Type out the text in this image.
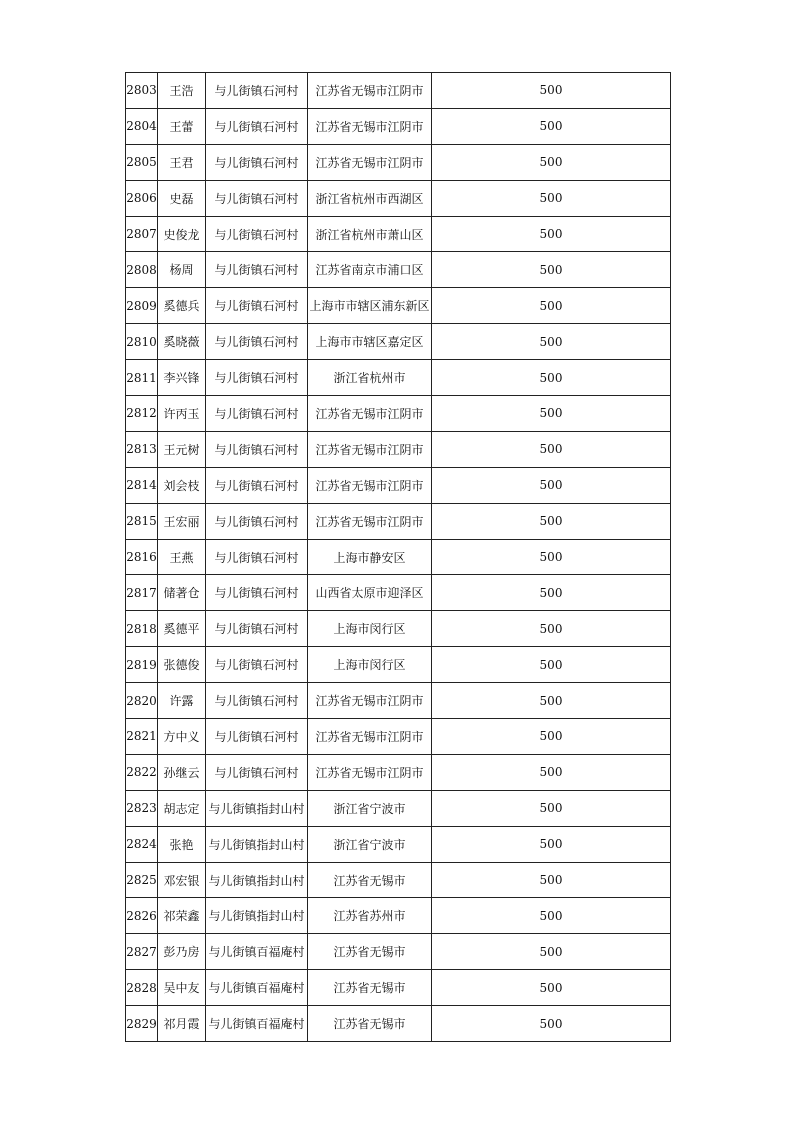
2803	王浩	与儿街镇石河村	江苏省无锡市江阴市	500
2804	王蕾	与儿街镇石河村	江苏省无锡市江阴市	500
2805	王君	与儿街镇石河村	江苏省无锡市江阴市	500
2806	史磊	与儿街镇石河村	浙江省杭州市西湖区	500
2807	史俊龙	与儿街镇石河村	浙江省杭州市萧山区	500
2808	杨周	与儿街镇石河村	江苏省南京市浦口区	500
2809	奚德兵	与儿街镇石河村	上海市市辖区浦东新区	500
2810	奚晓薇	与儿街镇石河村	上海市市辖区嘉定区	500
2811	李兴锋	与儿街镇石河村	浙江省杭州市	500
2812	许丙玉	与儿街镇石河村	江苏省无锡市江阴市	500
2813	王元树	与儿街镇石河村	江苏省无锡市江阴市	500
2814	刘会枝	与儿街镇石河村	江苏省无锡市江阴市	500
2815	王宏丽	与儿街镇石河村	江苏省无锡市江阴市	500
2816	王燕	与儿街镇石河村	上海市静安区	500
2817	储著仓	与儿街镇石河村	山西省太原市迎泽区	500
2818	奚德平	与儿街镇石河村	上海市闵行区	500
2819	张德俊	与儿街镇石河村	上海市闵行区	500
2820	许露	与儿街镇石河村	江苏省无锡市江阴市	500
2821	方中义	与儿街镇石河村	江苏省无锡市江阴市	500
2822	孙继云	与儿街镇石河村	江苏省无锡市江阴市	500
2823	胡志定	与儿街镇指封山村	浙江省宁波市	500
2824	张艳	与儿街镇指封山村	浙江省宁波市	500
2825	邓宏银	与儿街镇指封山村	江苏省无锡市	500
2826	祁荣鑫	与儿街镇指封山村	江苏省苏州市	500
2827	彭乃房	与儿街镇百福庵村	江苏省无锡市	500
2828	吴中友	与儿街镇百福庵村	江苏省无锡市	500
2829	祁月霞	与儿街镇百福庵村	江苏省无锡市	500
